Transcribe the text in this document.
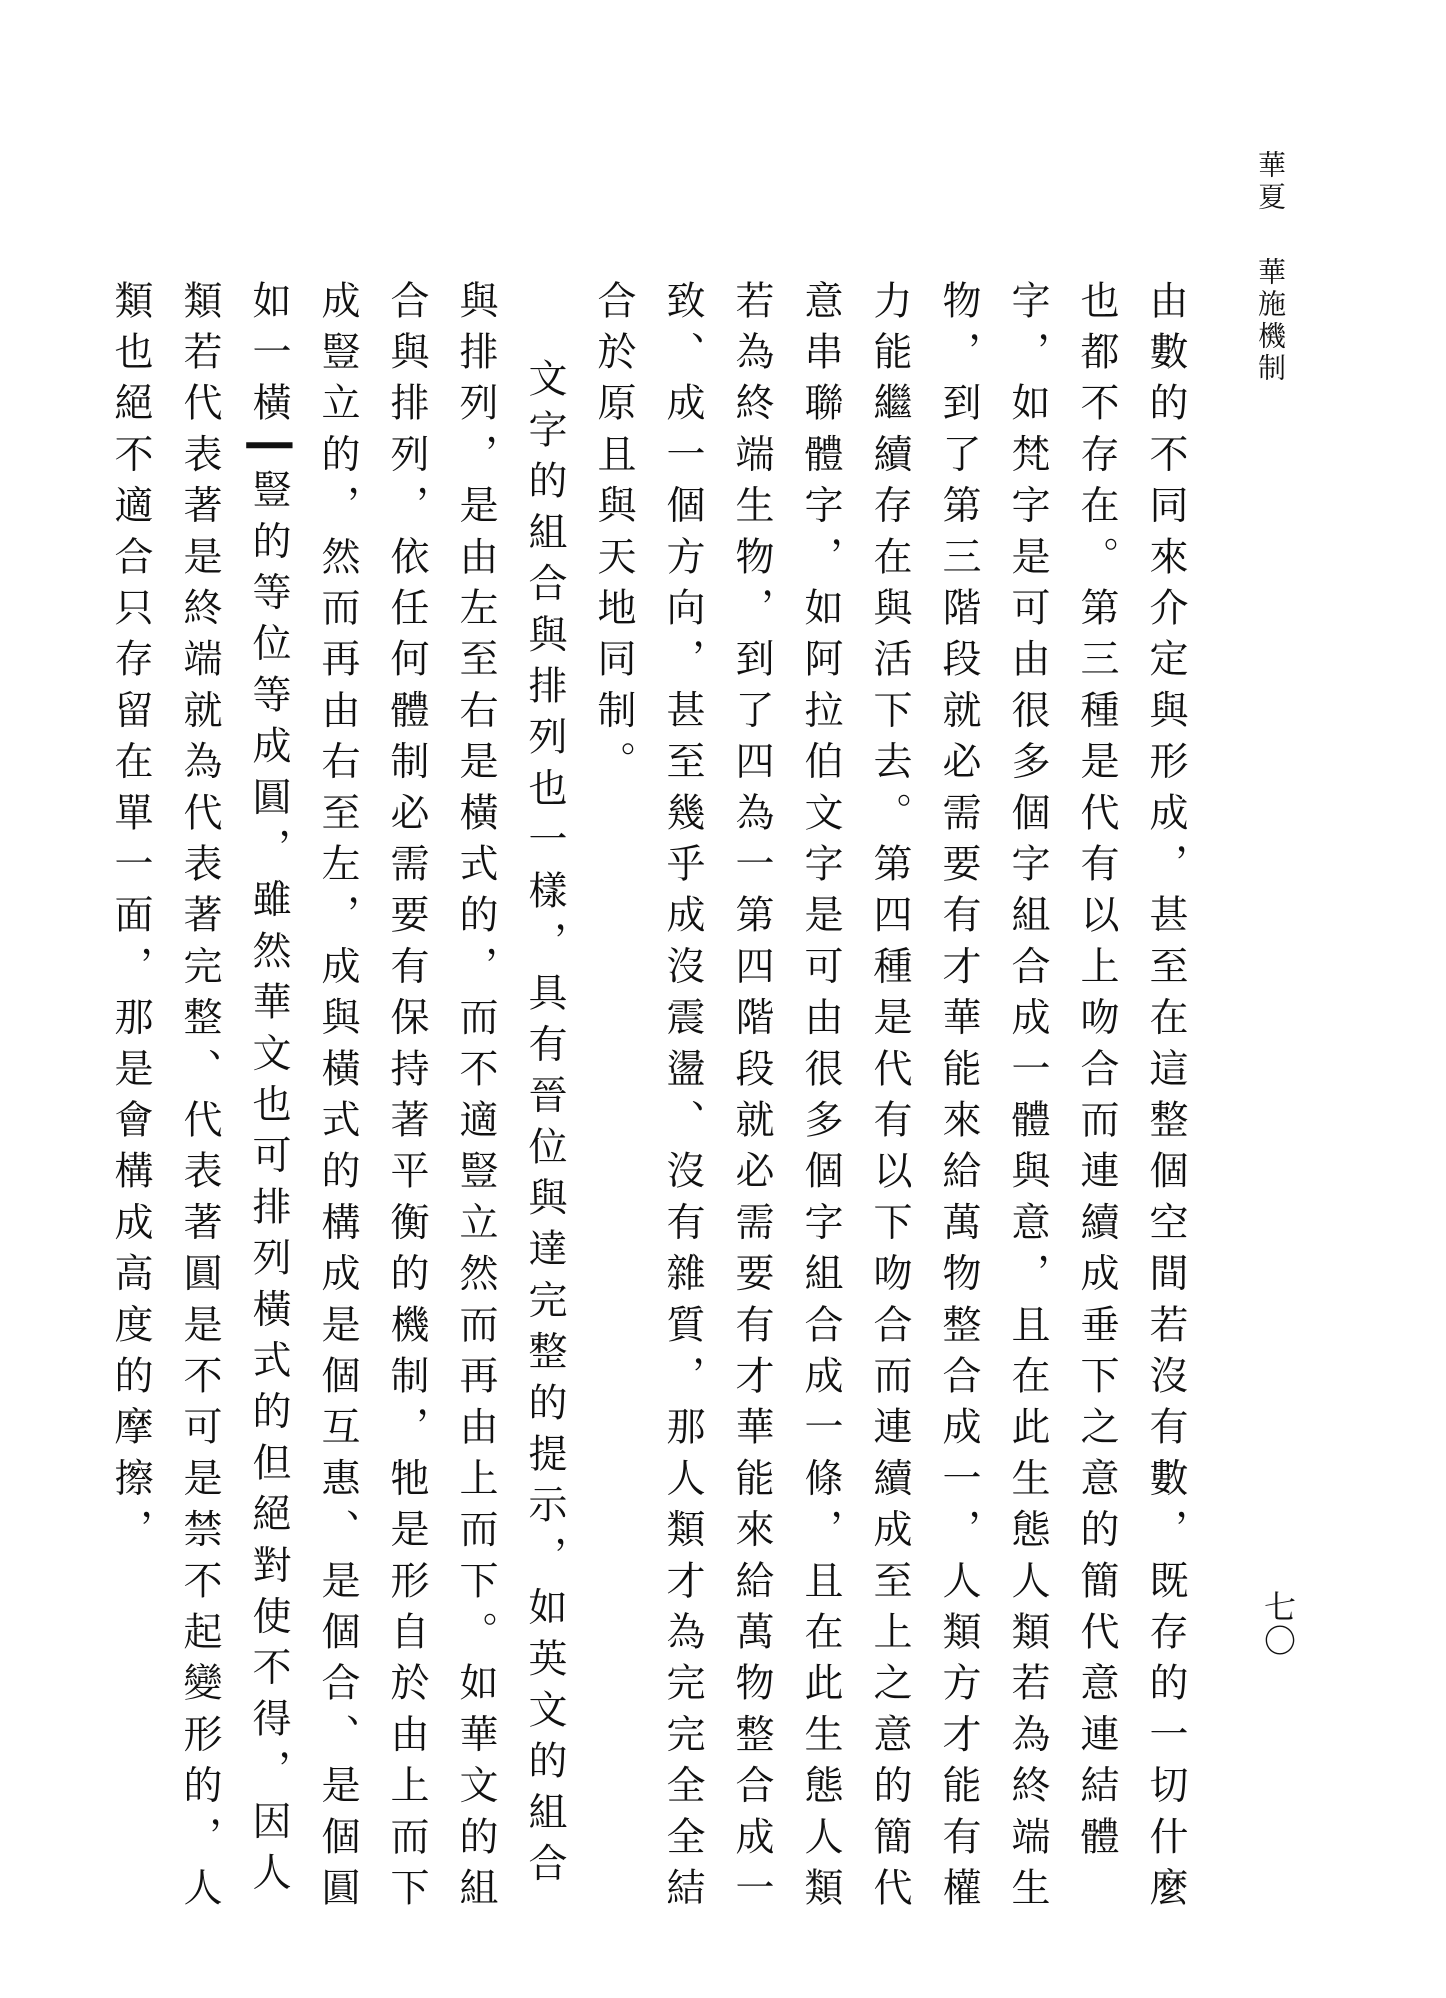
華夏 華施機制
七〇

由數的不同來介定與形成，甚至在這整個空間若沒有數，既存的一切什麼也都不存在。第三種是代有以上吻合而連續成垂下之意的簡代意連結體字，如梵字是可由很多個字組合成一體與意，且在此生態人類若為終端生物，到了第三階段就必需要有才華能來給萬物整合成一，人類方才能有權力能繼續存在與活下去。第四種是代有以下吻合而連續成至上之意的簡代意串聯體字，如阿拉伯文字是可由很多個字組合成一條，且在此生態人類若為終端生物，到了四為一第四階段就必需要有才華能來給萬物整合成一致、成一個方向，甚至幾乎成沒震盪、沒有雜質，那人類才為完完全全結合於原且與天地同制。

文字的組合與排列也一樣，具有晉位與達完整的提示，如英文的組合與排列，是由左至右是橫式的，而不適豎立然而再由上而下。如華文的組合與排列，依任何體制必需要有保持著平衡的機制，牠是形自於由上而下成豎立的，然而再由右至左，成與橫式的構成是個互惠、是個合、是個圓如一橫┃豎的等位等成圓，雖然華文也可排列橫式的但絕對使不得，因人類若代表著是終端就為代表著完整、代表著圓是不可是禁不起變形的，人類也絕不適合只存留在單一面，那是會構成高度的摩擦，
